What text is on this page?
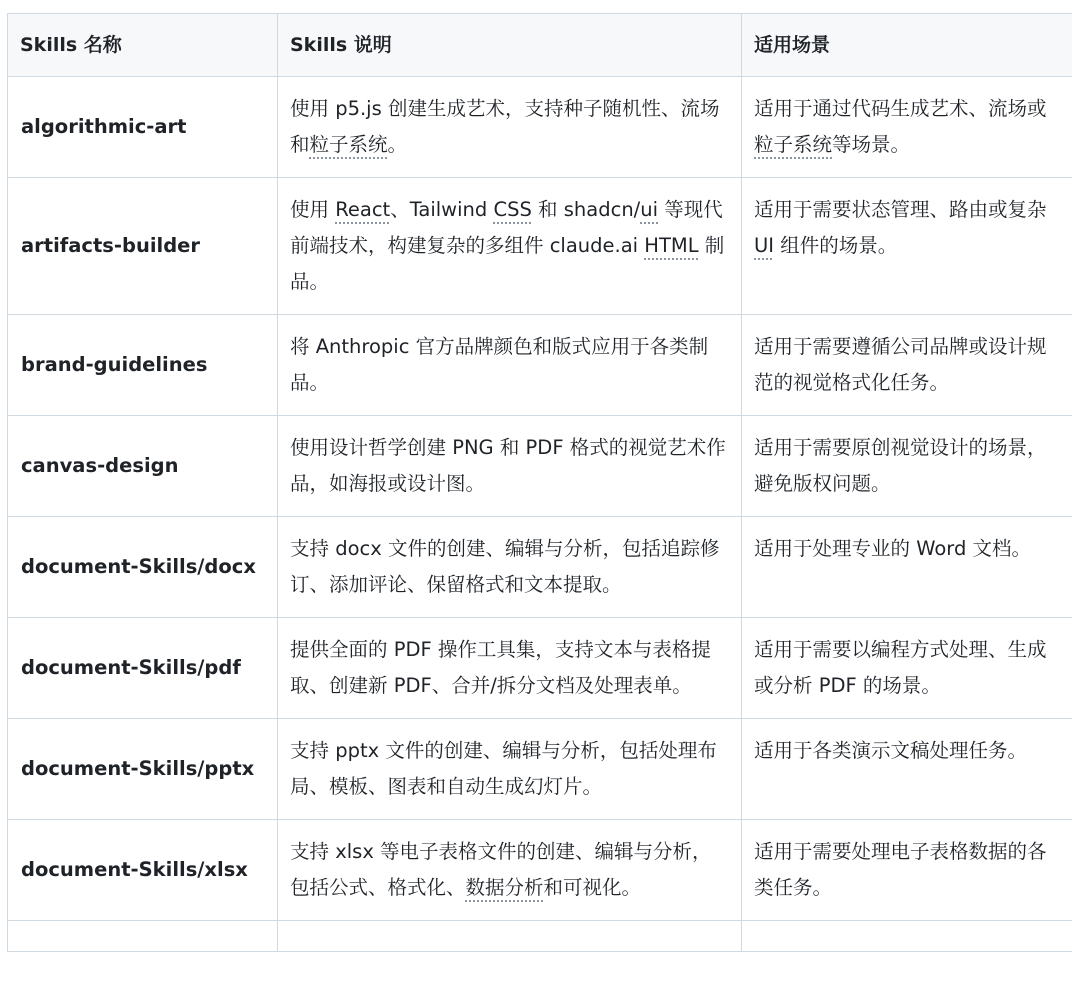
Skills 名称	Skills 说明	适用场景
algorithmic-art	使用 p5.js 创建生成艺术，支持种子随机性、流场和粒子系统。	适用于通过代码生成艺术、流场或粒子系统等场景。
artifacts-builder	使用 React、Tailwind CSS 和 shadcn/ui 等现代前端技术，构建复杂的多组件 claude.ai HTML 制品。	适用于需要状态管理、路由或复杂 UI 组件的场景。
brand-guidelines	将 Anthropic 官方品牌颜色和版式应用于各类制品。	适用于需要遵循公司品牌或设计规范的视觉格式化任务。
canvas-design	使用设计哲学创建 PNG 和 PDF 格式的视觉艺术作品，如海报或设计图。	适用于需要原创视觉设计的场景，避免版权问题。
document-Skills/docx	支持 docx 文件的创建、编辑与分析，包括追踪修订、添加评论、保留格式和文本提取。	适用于处理专业的 Word 文档。
document-Skills/pdf	提供全面的 PDF 操作工具集，支持文本与表格提取、创建新 PDF、合并/拆分文档及处理表单。	适用于需要以编程方式处理、生成或分析 PDF 的场景。
document-Skills/pptx	支持 pptx 文件的创建、编辑与分析，包括处理布局、模板、图表和自动生成幻灯片。	适用于各类演示文稿处理任务。
document-Skills/xlsx	支持 xlsx 等电子表格文件的创建、编辑与分析，包括公式、格式化、数据分析和可视化。	适用于需要处理电子表格数据的各类任务。
